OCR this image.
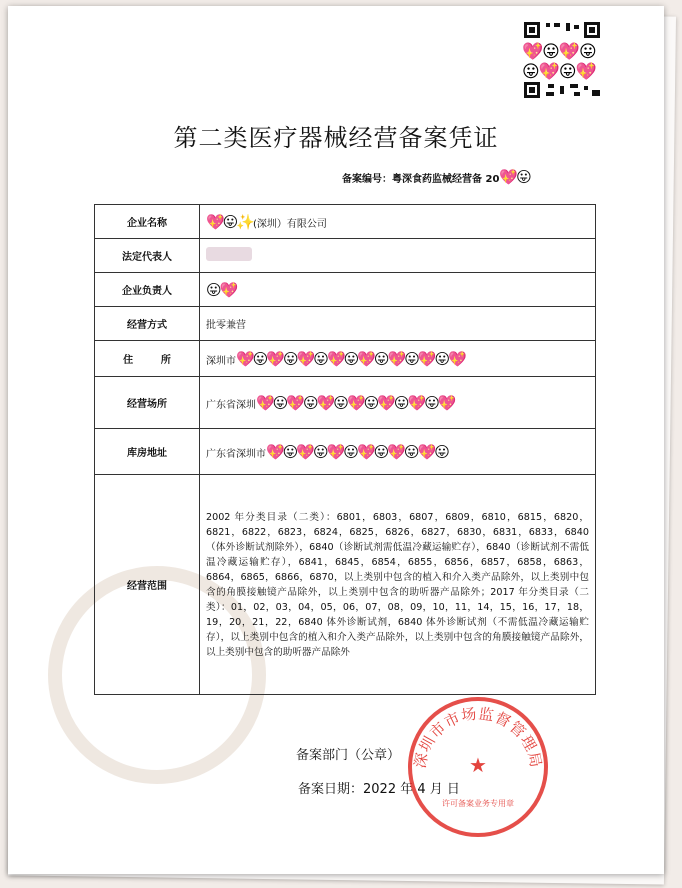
💖😛💖😛
😛💖😛💖
第二类医疗器械经营备案凭证
备案编号：粤深食药监械经营备 20💖😛
企业名称	💖😛✨(深圳）有限公司
法定代表人	
企业负责人	😛💖
经营方式	批零兼营
住        所	深圳市💖😛💖😛💖😛💖😛💖😛💖😛💖😛💖
经营场所	广东省深圳💖😛💖😛💖😛💖😛💖😛💖😛💖
库房地址	广东省深圳市💖😛💖😛💖😛💖😛💖😛💖😛
经营范围	2002 年分类目录（二类）：6801，6803，6807，6809，6810，6815，6820，6821，6822，6823，6824，6825，6826，6827，6830，6831，6833，6840（体外诊断试剂除外），6840（诊断试剂需低温冷藏运输贮存），6840（诊断试剂不需低温冷藏运输贮存），6841，6845，6854，6855，6856，6857，6858，6863，6864，6865，6866，6870，以上类别中包含的植入和介入类产品除外，以上类别中包含的角膜接触镜产品除外，以上类别中包含的助听器产品除外；2017 年分类目录（二类）：01，02，03，04，05，06，07，08，09，10，11，14，15，16，17，18，19，20，21，22，6840 体外诊断试剂，6840 体外诊断试剂（不需低温冷藏运输贮存），以上类别中包含的植入和介入类产品除外，以上类别中包含的角膜接触镜产品除外，以上类别中包含的助听器产品除外
备案部门（公章）
备案日期：2022 年 4 月 日
深圳市市场监督管理局
★
许可备案业务专用章
